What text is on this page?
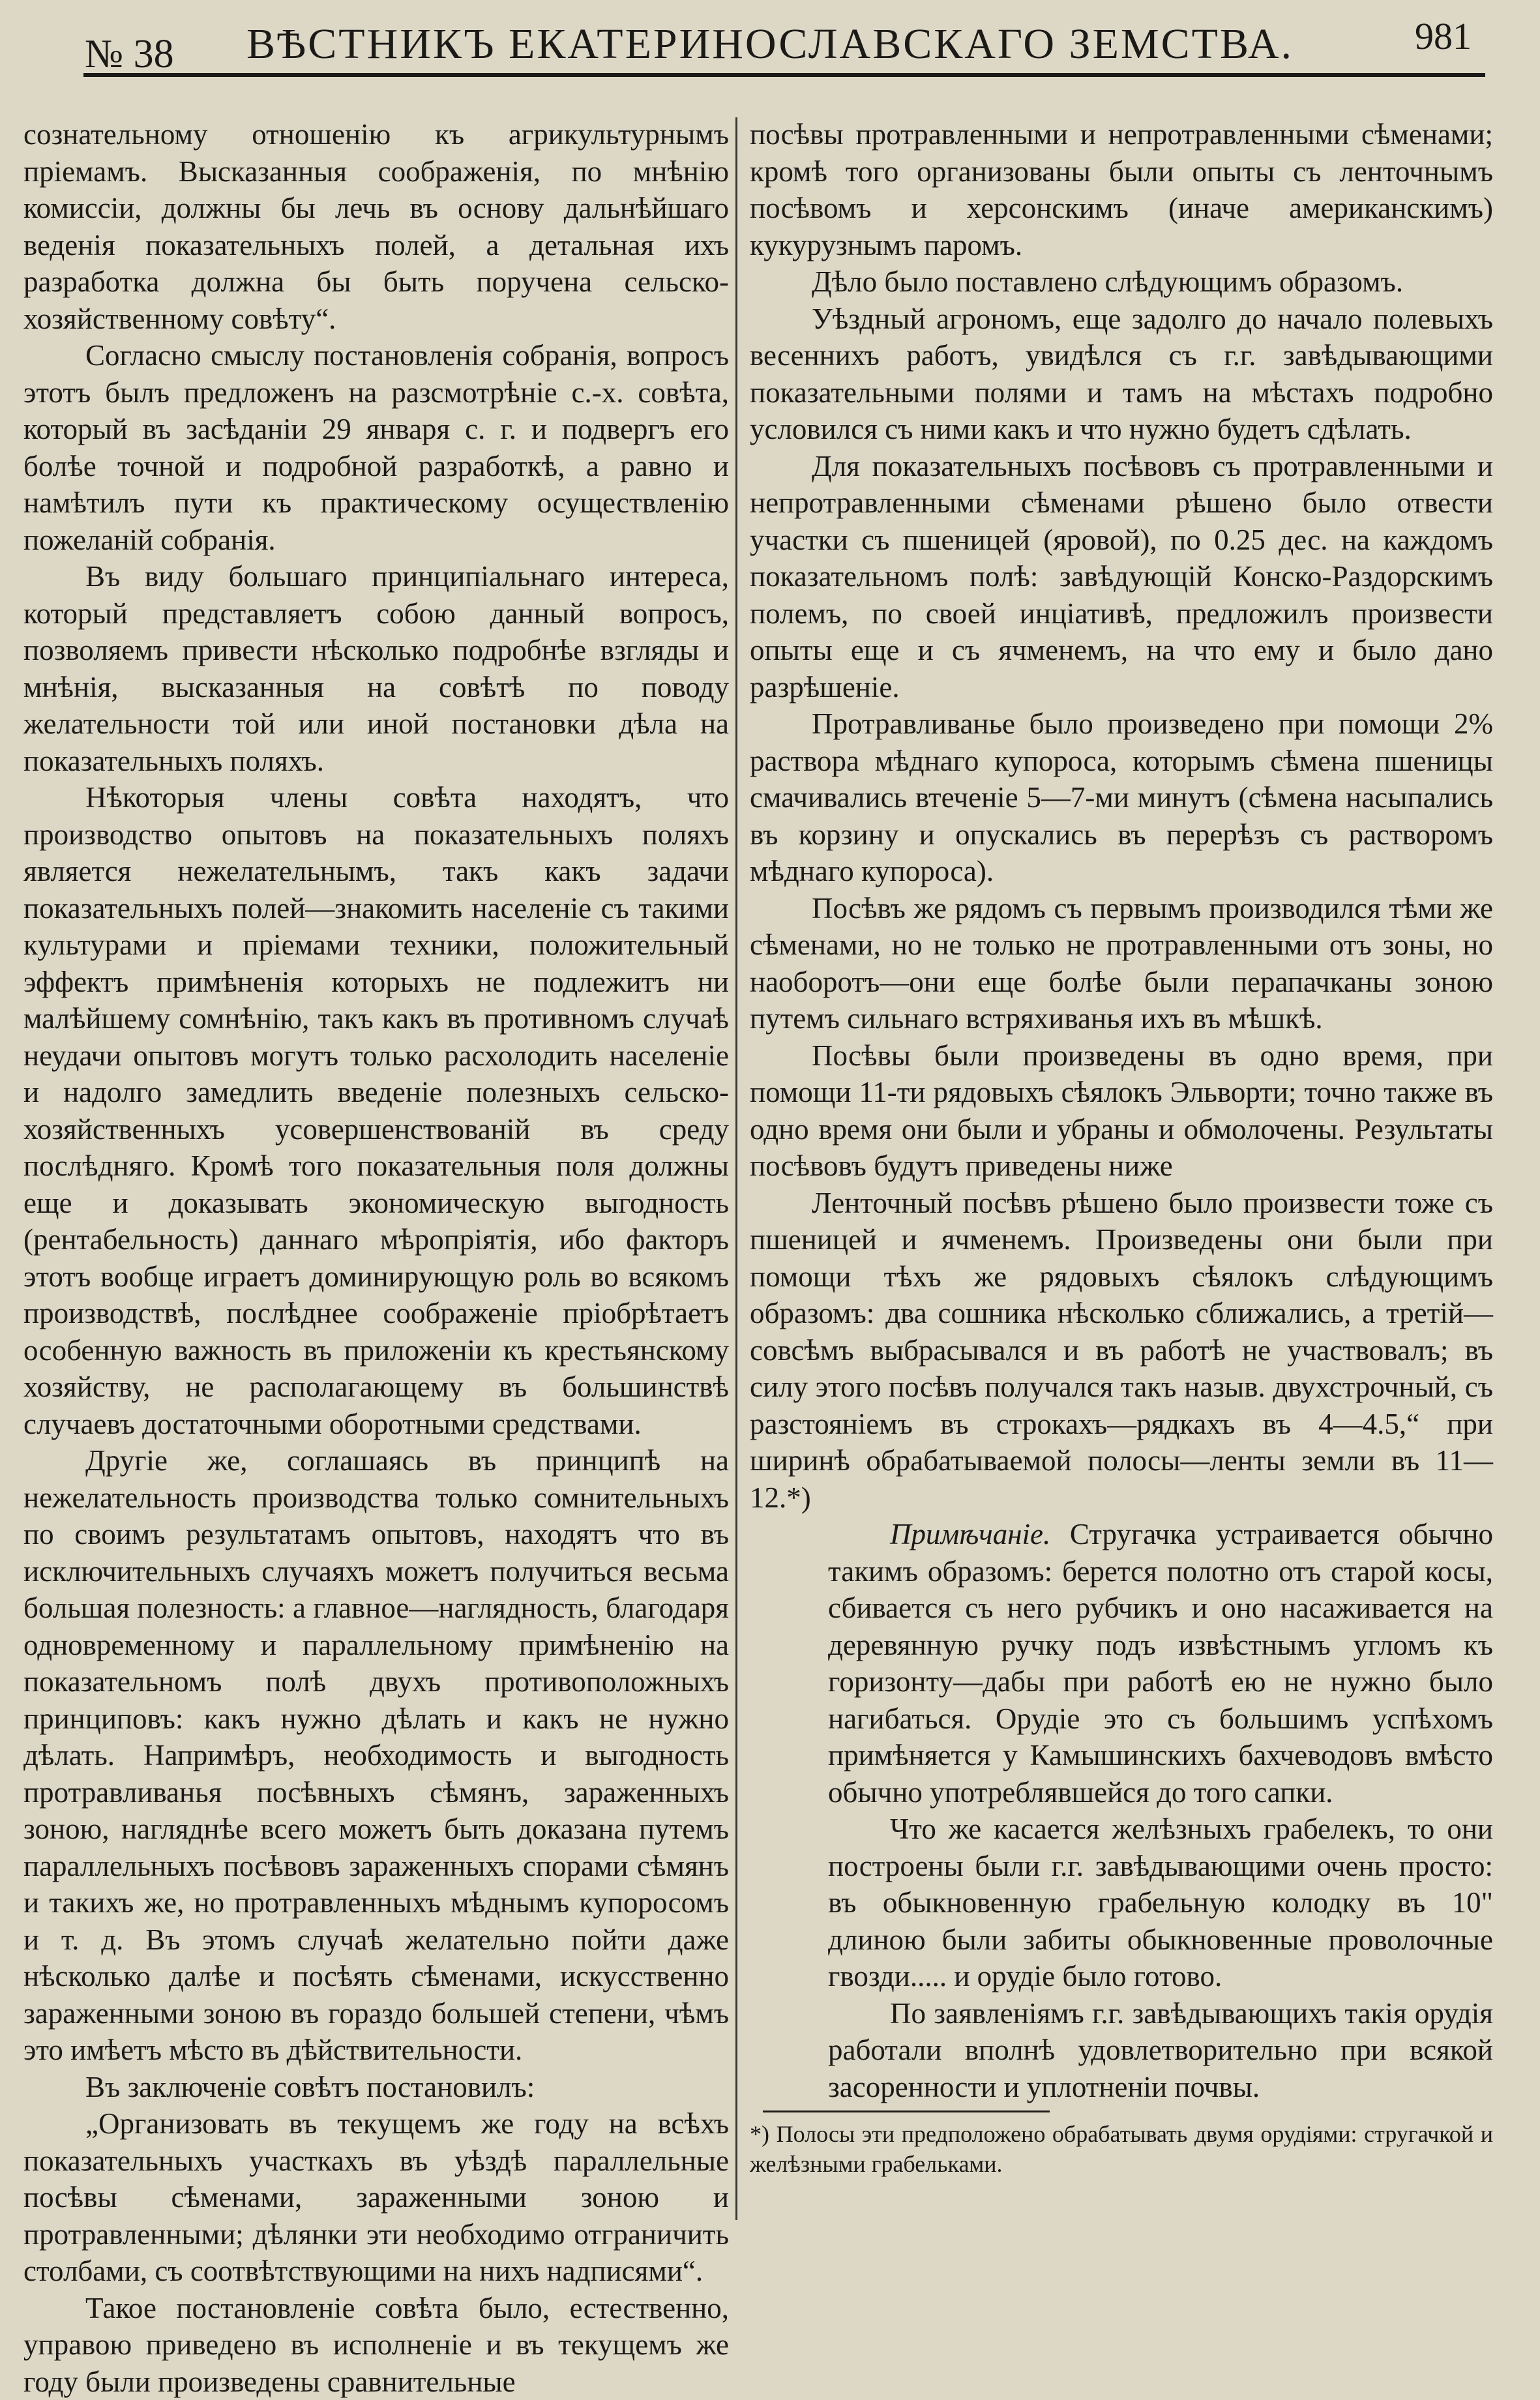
№ 38	ВѢСТНИКЪ ЕКАТЕРИНОСЛАВСКАГО ЗЕМСТВА.	981

сознательному отношенію къ агрикультурнымъ пріемамъ. Высказанныя соображенія, по мнѣнію комиссіи, должны бы лечь въ основу дальнѣйшаго веденія показательныхъ полей, а детальная ихъ разработка должна бы быть поручена сельско-хозяйственному совѣту“.

Согласно смыслу постановленія собранія, вопросъ этотъ былъ предложенъ на разсмотрѣніе с.-х. совѣта, который въ засѣданіи 29 января с. г. и подвергъ его болѣе точной и подробной разработкѣ, а равно и намѣтилъ пути къ практическому осуществленію пожеланій собранія.

Въ виду большаго принципіальнаго интереса, который представляетъ собою данный вопросъ, позволяемъ привести нѣсколько подробнѣе взгляды и мнѣнія, высказанныя на совѣтѣ по поводу желательности той или иной постановки дѣла на показательныхъ поляхъ.

Нѣкоторыя члены совѣта находятъ, что производство опытовъ на показательныхъ поляхъ является нежелательнымъ, такъ какъ задачи показательныхъ полей—знакомить населеніе съ такими культурами и пріемами техники, положительный эффектъ примѣненія которыхъ не подлежитъ ни малѣйшему сомнѣнію, такъ какъ въ противномъ случаѣ неудачи опытовъ могутъ только расхолодить населеніе и надолго замедлить введеніе полезныхъ сельско-хозяйственныхъ усовершенствованій въ среду послѣдняго. Кромѣ того показательныя поля должны еще и доказывать экономическую выгодность (рентабельность) даннаго мѣропріятія, ибо факторъ этотъ вообще играетъ доминирующую роль во всякомъ производствѣ, послѣднее соображеніе пріобрѣтаетъ особенную важность въ приложеніи къ крестьянскому хозяйству, не располагающему въ большинствѣ случаевъ достаточными оборотными средствами.

Другіе же, соглашаясь въ принципѣ на нежелательность производства только сомнительныхъ по своимъ результатамъ опытовъ, находятъ что въ исключительныхъ случаяхъ можетъ получиться весьма большая полезность: а главное—наглядность, благодаря одновременному и параллельному примѣненію на показательномъ полѣ двухъ противоположныхъ принциповъ: какъ нужно дѣлать и какъ не нужно дѣлать. Напримѣръ, необходимость и выгодность протравливанья посѣвныхъ сѣмянъ, зараженныхъ зоною, нагляднѣе всего можетъ быть доказана путемъ параллельныхъ посѣвовъ зараженныхъ спорами сѣмянъ и такихъ же, но протравленныхъ мѣднымъ купоросомъ и т. д. Въ этомъ случаѣ желательно пойти даже нѣсколько далѣе и посѣять сѣменами, искусственно зараженными зоною въ гораздо большей степени, чѣмъ это имѣетъ мѣсто въ дѣйствительности.

Въ заключеніе совѣтъ постановилъ:

„Организовать въ текущемъ же году на всѣхъ показательныхъ участкахъ въ уѣздѣ параллельные посѣвы сѣменами, зараженными зоною и протравленными; дѣлянки эти необходимо отграничить столбами, съ соотвѣтствующими на нихъ надписями“.

Такое постановленіе совѣта было, естественно, управою приведено въ исполненіе и въ текущемъ же году были произведены сравнительные

посѣвы протравленными и непротравленными сѣменами; кромѣ того организованы были опыты съ ленточнымъ посѣвомъ и херсонскимъ (иначе американскимъ) кукурузнымъ паромъ.

Дѣло было поставлено слѣдующимъ образомъ.

Уѣздный агрономъ, еще задолго до начало полевыхъ весеннихъ работъ, увидѣлся съ г.г. завѣдывающими показательными полями и тамъ на мѣстахъ подробно условился съ ними какъ и что нужно будетъ сдѣлать.

Для показательныхъ посѣвовъ съ протравленными и непротравленными сѣменами рѣшено было отвести участки съ пшеницей (яровой), по 0.25 дес. на каждомъ показательномъ полѣ: завѣдующій Конско-Раздорскимъ полемъ, по своей инціативѣ, предложилъ произвести опыты еще и съ ячменемъ, на что ему и было дано разрѣшеніе.

Протравливанье было произведено при помощи 2% раствора мѣднаго купороса, которымъ сѣмена пшеницы смачивались втеченіе 5—7-ми минутъ (сѣмена насыпались въ корзину и опускались въ перерѣзъ съ растворомъ мѣднаго купороса).

Посѣвъ же рядомъ съ первымъ производился тѣми же сѣменами, но не только не протравленными отъ зоны, но наоборотъ—они еще болѣе были перапачканы зоною путемъ сильнаго встряхиванья ихъ въ мѣшкѣ.

Посѣвы были произведены въ одно время, при помощи 11-ти рядовыхъ сѣялокъ Эльворти; точно также въ одно время они были и убраны и обмолочены. Результаты посѣвовъ будутъ приведены ниже

Ленточный посѣвъ рѣшено было произвести тоже съ пшеницей и ячменемъ. Произведены они были при помощи тѣхъ же рядовыхъ сѣялокъ слѣдующимъ образомъ: два сошника нѣсколько сближались, а третій—совсѣмъ выбрасывался и въ работѣ не участвовалъ; въ силу этого посѣвъ получался такъ назыв. двухстрочный, съ разстояніемъ въ строкахъ—рядкахъ въ 4—4.5,“ при ширинѣ обрабатываемой полосы—ленты земли въ 11—12.*)

Примѣчаніе. Стругачка устраивается обычно такимъ образомъ: берется полотно отъ старой косы, сбивается съ него рубчикъ и оно насаживается на деревянную ручку подъ извѣстнымъ угломъ къ горизонту—дабы при работѣ ею не нужно было нагибаться. Орудіе это съ большимъ успѣхомъ примѣняется у Камышинскихъ бахчеводовъ вмѣсто обычно употреблявшейся до того сапки.

Что же касается желѣзныхъ грабелекъ, то они построены были г.г. завѣдывающими очень просто: въ обыкновенную грабельную колодку въ 10" длиною были забиты обыкновенные проволочные гвозди..... и орудіе было готово.

По заявленіямъ г.г. завѣдывающихъ такія орудія работали вполнѣ удовлетворительно при всякой засоренности и уплотненіи почвы.

*) Полосы эти предположено обрабатывать двумя орудіями: стругачкой и желѣзными грабельками.
